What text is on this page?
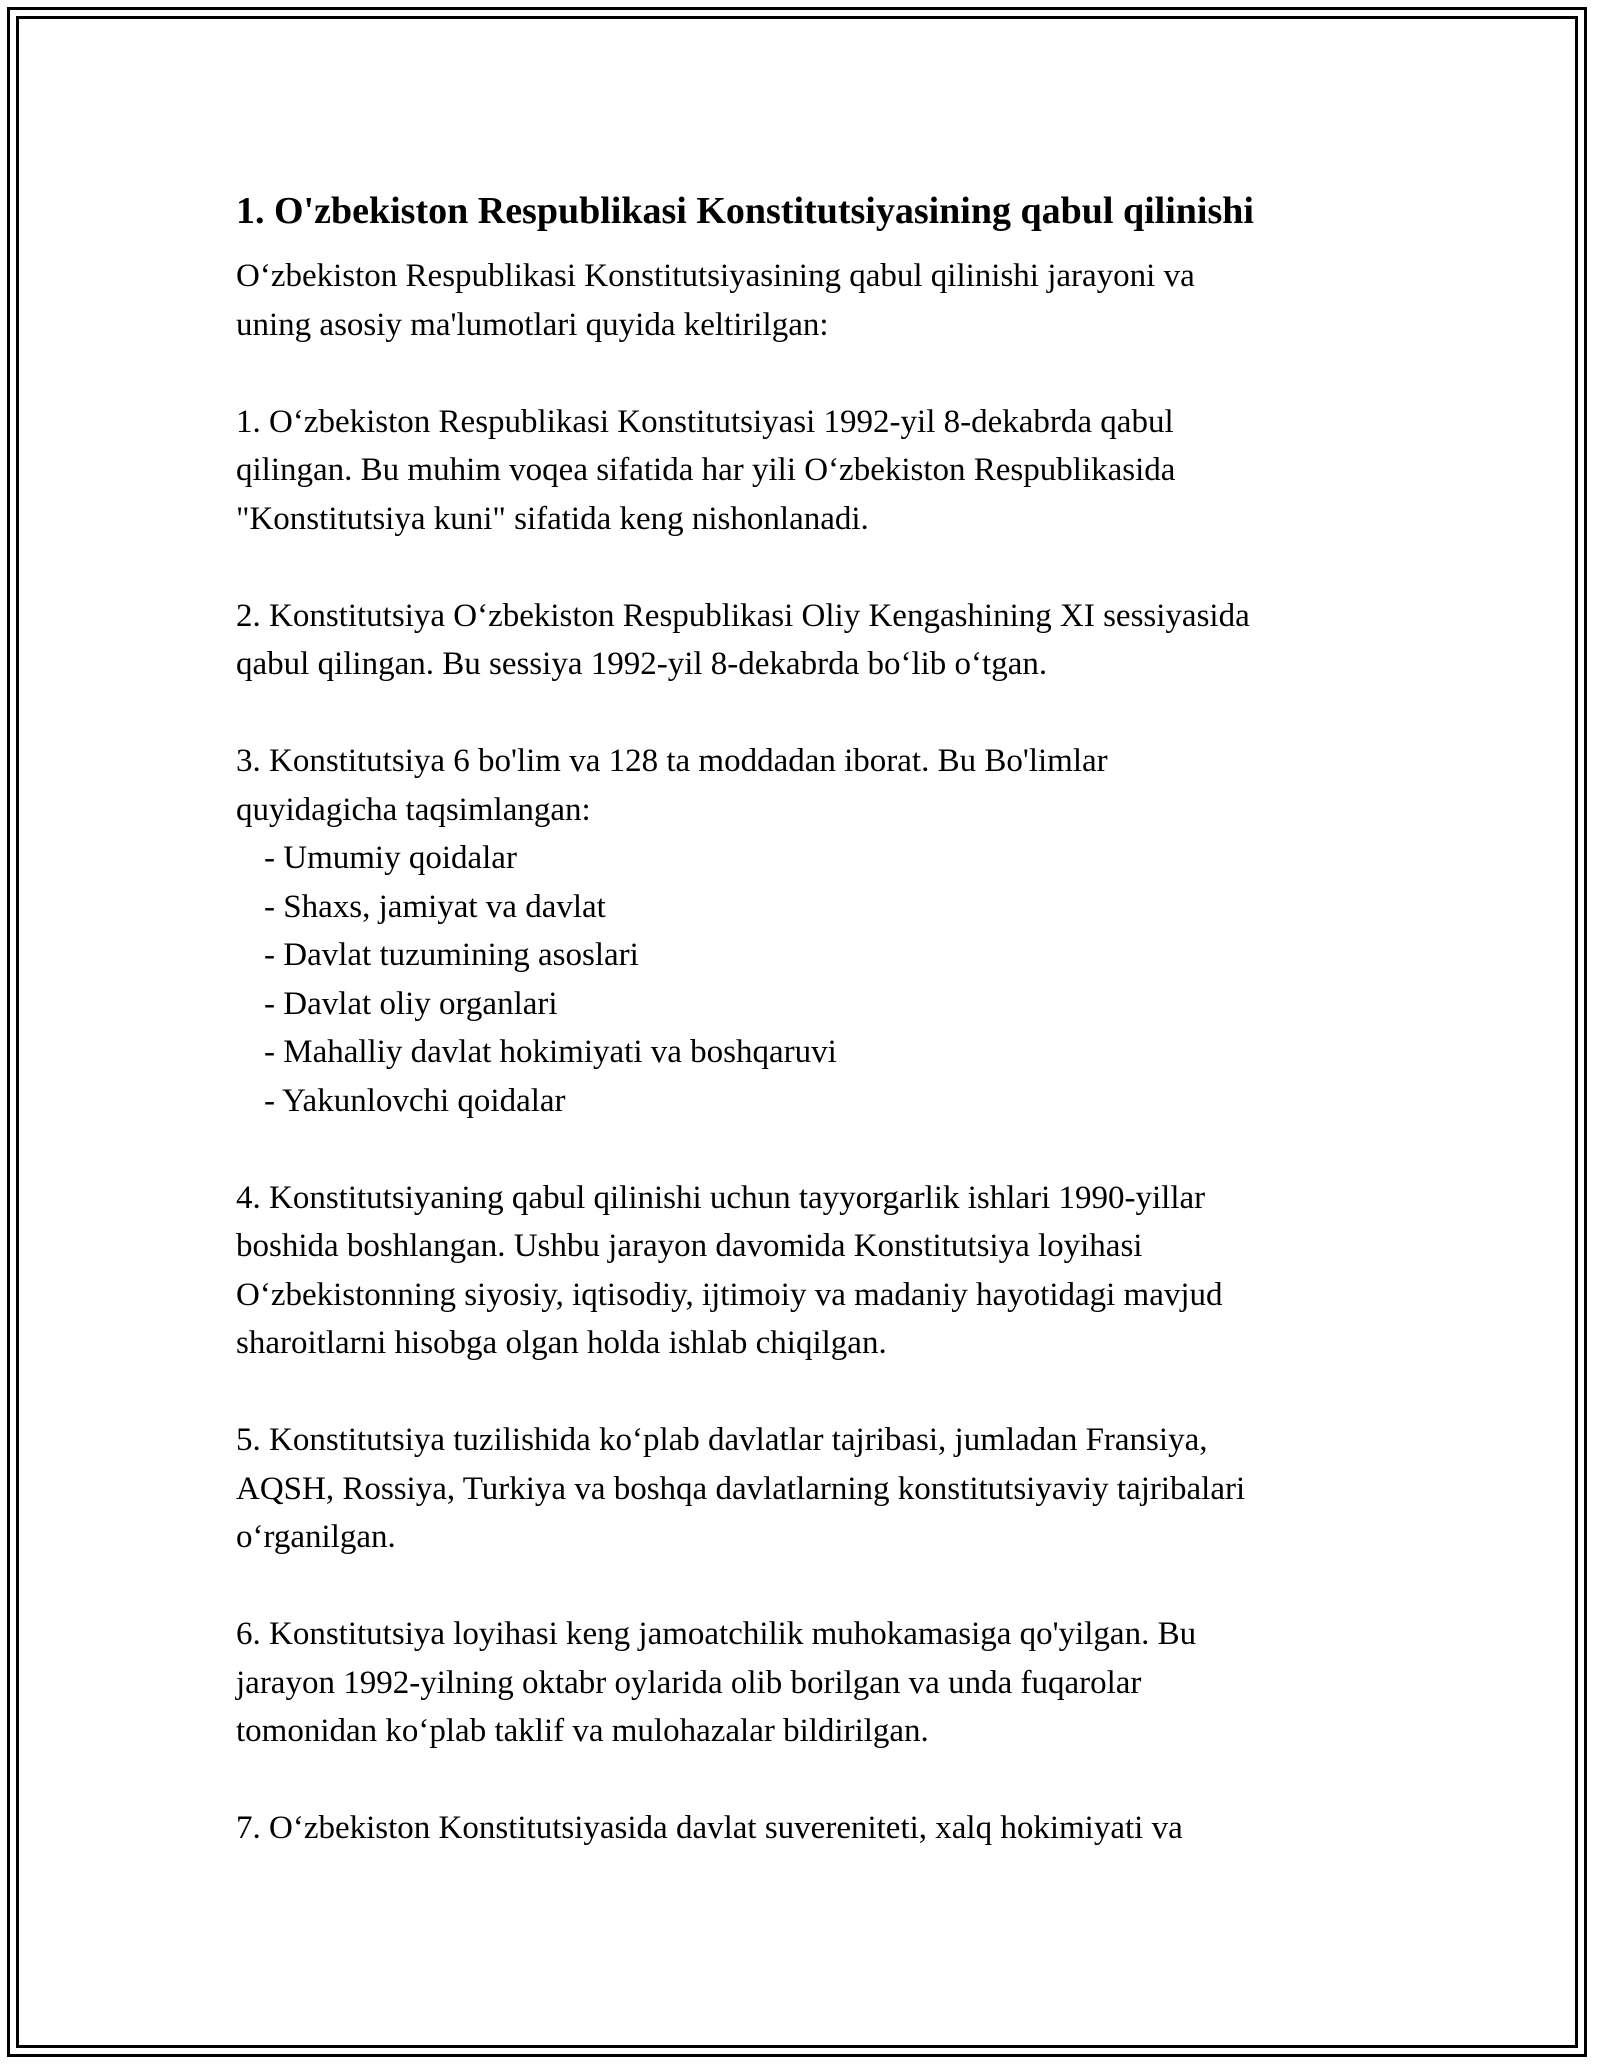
1. O'zbekiston Respublikasi Konstitutsiyasining qabul qilinishi

O‘zbekiston Respublikasi Konstitutsiyasining qabul qilinishi jarayoni va
uning asosiy ma'lumotlari quyida keltirilgan:

1. O‘zbekiston Respublikasi Konstitutsiyasi 1992-yil 8-dekabrda qabul
qilingan. Bu muhim voqea sifatida har yili O‘zbekiston Respublikasida
"Konstitutsiya kuni" sifatida keng nishonlanadi.

2. Konstitutsiya O‘zbekiston Respublikasi Oliy Kengashining XI sessiyasida
qabul qilingan. Bu sessiya 1992-yil 8-dekabrda bo‘lib o‘tgan.

3. Konstitutsiya 6 bo'lim va 128 ta moddadan iborat. Bu Bo'limlar
quyidagicha taqsimlangan:
- Umumiy qoidalar
- Shaxs, jamiyat va davlat
- Davlat tuzumining asoslari
- Davlat oliy organlari
- Mahalliy davlat hokimiyati va boshqaruvi
- Yakunlovchi qoidalar

4. Konstitutsiyaning qabul qilinishi uchun tayyorgarlik ishlari 1990-yillar
boshida boshlangan. Ushbu jarayon davomida Konstitutsiya loyihasi
O‘zbekistonning siyosiy, iqtisodiy, ijtimoiy va madaniy hayotidagi mavjud
sharoitlarni hisobga olgan holda ishlab chiqilgan.

5. Konstitutsiya tuzilishida ko‘plab davlatlar tajribasi, jumladan Fransiya,
AQSH, Rossiya, Turkiya va boshqa davlatlarning konstitutsiyaviy tajribalari
o‘rganilgan.

6. Konstitutsiya loyihasi keng jamoatchilik muhokamasiga qo'yilgan. Bu
jarayon 1992-yilning oktabr oylarida olib borilgan va unda fuqarolar
tomonidan ko‘plab taklif va mulohazalar bildirilgan.

7. O‘zbekiston Konstitutsiyasida davlat suvereniteti, xalq hokimiyati va
